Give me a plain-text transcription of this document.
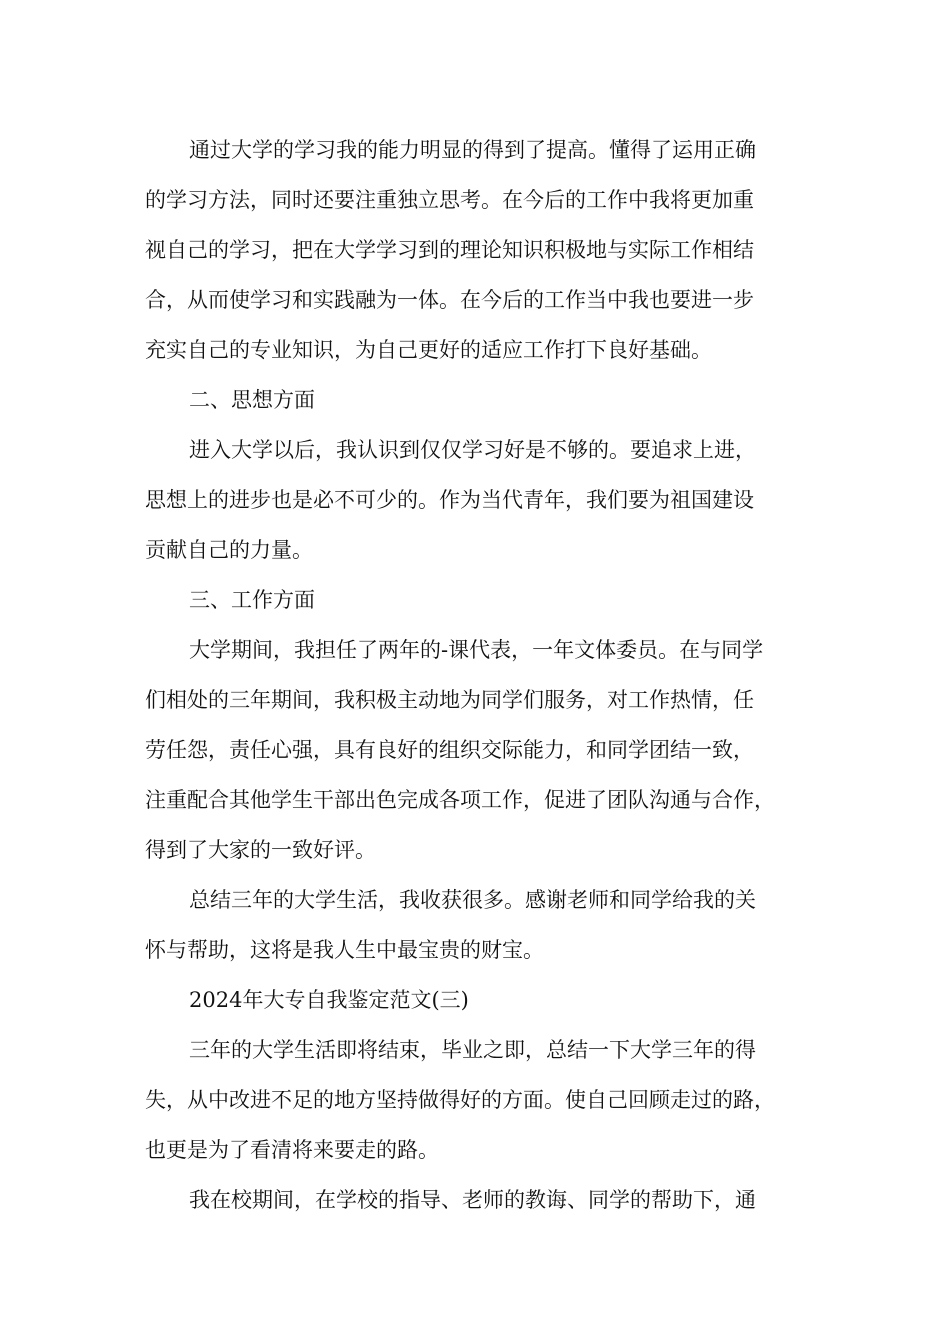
通过大学的学习我的能力明显的得到了提高。懂得了运用正确
的学习方法，同时还要注重独立思考。在今后的工作中我将更加重
视自己的学习，把在大学学习到的理论知识积极地与实际工作相结
合，从而使学习和实践融为一体。在今后的工作当中我也要进一步
充实自己的专业知识，为自己更好的适应工作打下良好基础。
二、思想方面
进入大学以后，我认识到仅仅学习好是不够的。要追求上进，
思想上的进步也是必不可少的。作为当代青年，我们要为祖国建设
贡献自己的力量。
三、工作方面
大学期间，我担任了两年的-课代表，一年文体委员。在与同学
们相处的三年期间，我积极主动地为同学们服务，对工作热情，任
劳任怨，责任心强，具有良好的组织交际能力，和同学团结一致，
注重配合其他学生干部出色完成各项工作，促进了团队沟通与合作，
得到了大家的一致好评。
总结三年的大学生活，我收获很多。感谢老师和同学给我的关
怀与帮助，这将是我人生中最宝贵的财宝。
2024年大专自我鉴定范文(三)
三年的大学生活即将结束，毕业之即，总结一下大学三年的得
失，从中改进不足的地方坚持做得好的方面。使自己回顾走过的路，
也更是为了看清将来要走的路。
我在校期间，在学校的指导、老师的教诲、同学的帮助下，通
